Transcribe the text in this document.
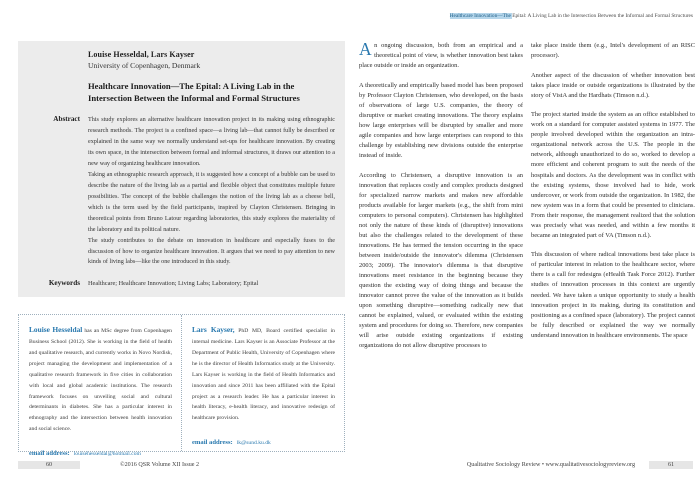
Louise Hesseldal, Lars Kayser
University of Copenhagen, Denmark
Healthcare Innovation—The Epital: A Living Lab in the Intersection Between the Informal and Formal Structures
Abstract	This study explores an alternative healthcare innovation project in its making using ethnographic research methods. The project is a confined space—a living lab—that cannot fully be described or explained in the same way we normally understand set-ups for healthcare innovation. By creating its own space, in the intersection between formal and informal structures, it draws our attention to a new way of organizing healthcare innovation.

Taking an ethnographic research approach, it is suggested how a concept of a bubble can be used to describe the nature of the living lab as a partial and flexible object that constitutes multiple future possibilities. The concept of the bubble challenges the notion of the living lab as a cheese bell, which is the term used by the field participants, inspired by Clayton Christensen. Bringing in theoretical points from Bruno Latour regarding laboratories, this study explores the materiality of the laboratory and its political nature.

The study contributes to the debate on innovation in healthcare and especially fuses to the discussion of how to organize healthcare innovation. It argues that we need to pay attention to new kinds of living labs—like the one introduced in this study.

Keywords	Healthcare; Healthcare Innovation; Living Labs; Laboratory; Epital

Louise Hesseldal has an MSc degree from Copenhagen Business School (2012). She is working in the field of health and qualitative research, and currently works in Novo Nordisk, project managing the development and implementation of a qualitative research framework in five cities in collaboration with local and global academic institutions. The research framework focuses on unveiling social and cultural determinants in diabetes. She has a particular interest in ethnography and the intersection between health innovation and social science.

email address: louisehesseldal@hotmail.com

Lars Kayser, PhD MD, Board certified specialist in internal medicine. Lars Kayser is an Associate Professor at the Department of Public Health, University of Copenhagen where he is the director of Health Informatics study at the University. Lars Kayser is working in the field of Health Informatics and innovation and since 2011 has been affiliated with the Epital project as a research leader. He has a particular interest in health literacy, e-health literacy, and innovative redesign of healthcare provision.

email address: lk@sund.ku.dk

60	©2016 QSR Volume XII Issue 2
Healthcare Innovation—The Epital: A Living Lab in the Intersection Between the Informal and Formal Structures

An ongoing discussion, both from an empirical and a theoretical point of view, is whether innovation best takes place outside or inside an organization.

A theoretically and empirically based model has been proposed by Professor Clayton Christensen, who developed, on the basis of observations of large U.S. companies, the theory of disruptive or market creating innovations. The theory explains how large enterprises will be disrupted by smaller and more agile companies and how large enterprises can respond to this challenge by establishing new divisions outside the enterprise instead of inside.

According to Christensen, a disruptive innovation is an innovation that replaces costly and complex products designed for specialized narrow markets and makes new affordable products available for larger markets (e.g., the shift from mini computers to personal computers). Christensen has highlighted not only the nature of these kinds of (disruptive) innovations but also the challenges related to the development of these innovations. He has termed the tension occurring in the space between inside/outside the innovator's dilemma (Christensen 2003; 2009). The innovator's dilemma is that disruptive innovations meet resistance in the beginning because they question the existing way of doing things and because the innovator cannot prove the value of the innovation as it builds upon something disruptive—something radically new that cannot be explained, valued, or evaluated within the existing system and procedures for doing so. Therefore, new companies will arise outside existing organizations if existing organizations do not allow disruptive processes to

take place inside them (e.g., Intel's development of an RISC processor).

Another aspect of the discussion of whether innovation best takes place inside or outside organizations is illustrated by the story of VistA and the Hardhats (Timson n.d.).

The project started inside the system as an office established to work on a standard for computer assisted systems in 1977. The people involved developed within the organization an intra-organizational network across the U.S. The people in the network, although unauthorized to do so, worked to develop a more efficient and coherent program to suit the needs of the hospitals and doctors. As the development was in conflict with the existing systems, those involved had to hide, work undercover, or work from outside the organization. In 1982, the new system was in a form that could be presented to clinicians. From their response, the management realized that the solution was precisely what was needed, and within a few months it became an integrated part of VA (Timson n.d.).

This discussion of where radical innovations best take place is of particular interest in relation to the healthcare sector, where there is a call for redesigns (eHealth Task Force 2012). Further studies of innovation processes in this context are urgently needed. We have taken a unique opportunity to study a health innovation project in its making, during its constitution and positioning as a confined space (laboratory). The project cannot be fully described or explained the way we normally understand innovation in healthcare environments. The space

Qualitative Sociology Review • www.qualitativesociologyreview.org	61
